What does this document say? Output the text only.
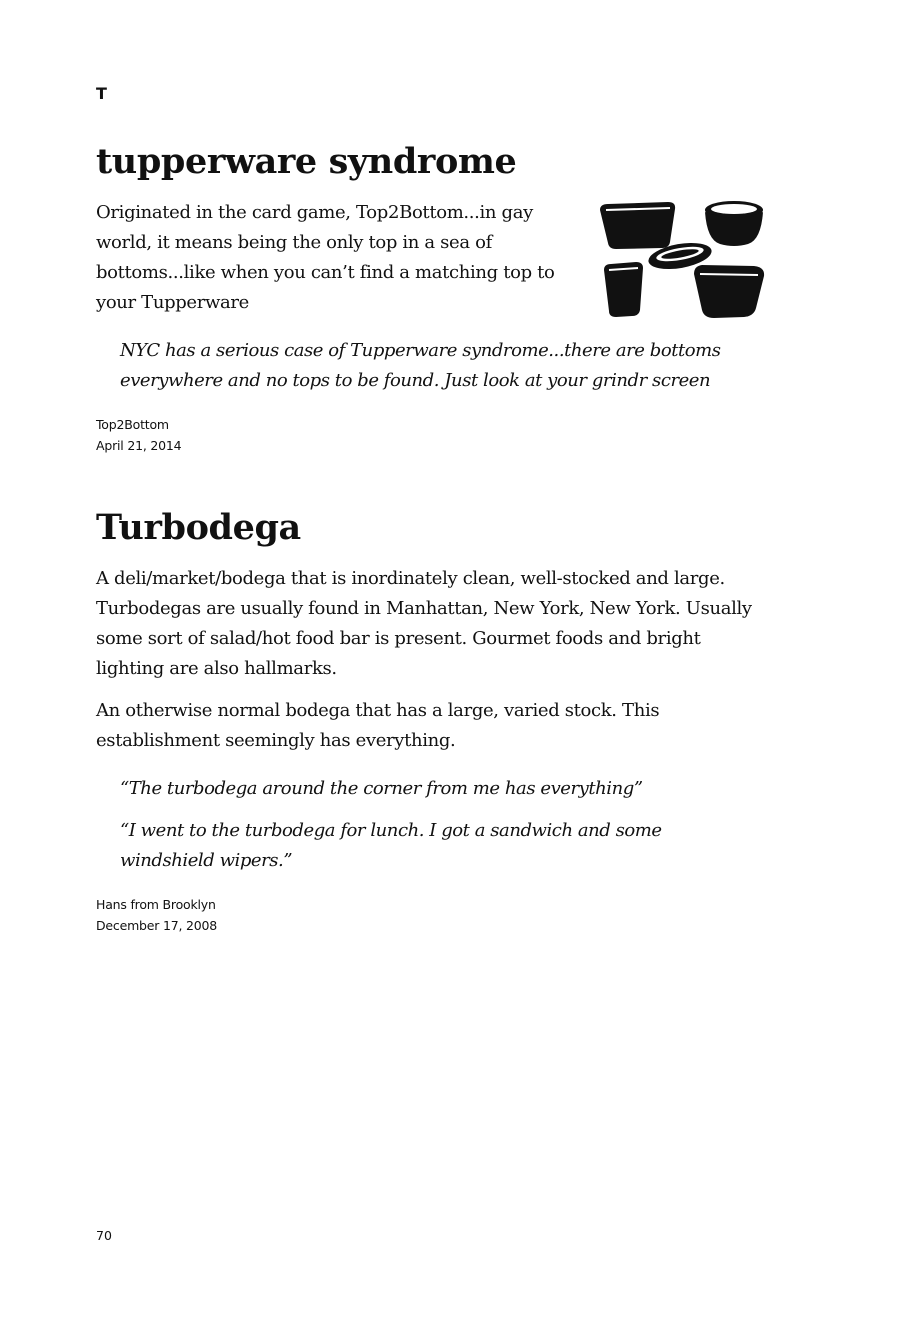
T
tupperware syndrome

Originated in the card game, Top2Bottom...in gay world, it means being the only top in a sea of bottoms...like when you can’t find a matching top to your Tupperware

NYC has a serious case of Tupperware syndrome...there are bottoms everywhere and no tops to be found. Just look at your grindr screen

Top2Bottom
April 21, 2014
Turbodega

A deli/market/bodega that is inordinately clean, well-stocked and large. Turbodegas are usually found in Manhattan, New York, New York. Usually some sort of salad/hot food bar is present. Gourmet foods and bright lighting are also hallmarks.

An otherwise normal bodega that has a large, varied stock. This establishment seemingly has everything.

“The turbodega around the corner from me has everything”

“I went to the turbodega for lunch. I got a sandwich and some windshield wipers.”

Hans from Brooklyn
December 17, 2008
70
